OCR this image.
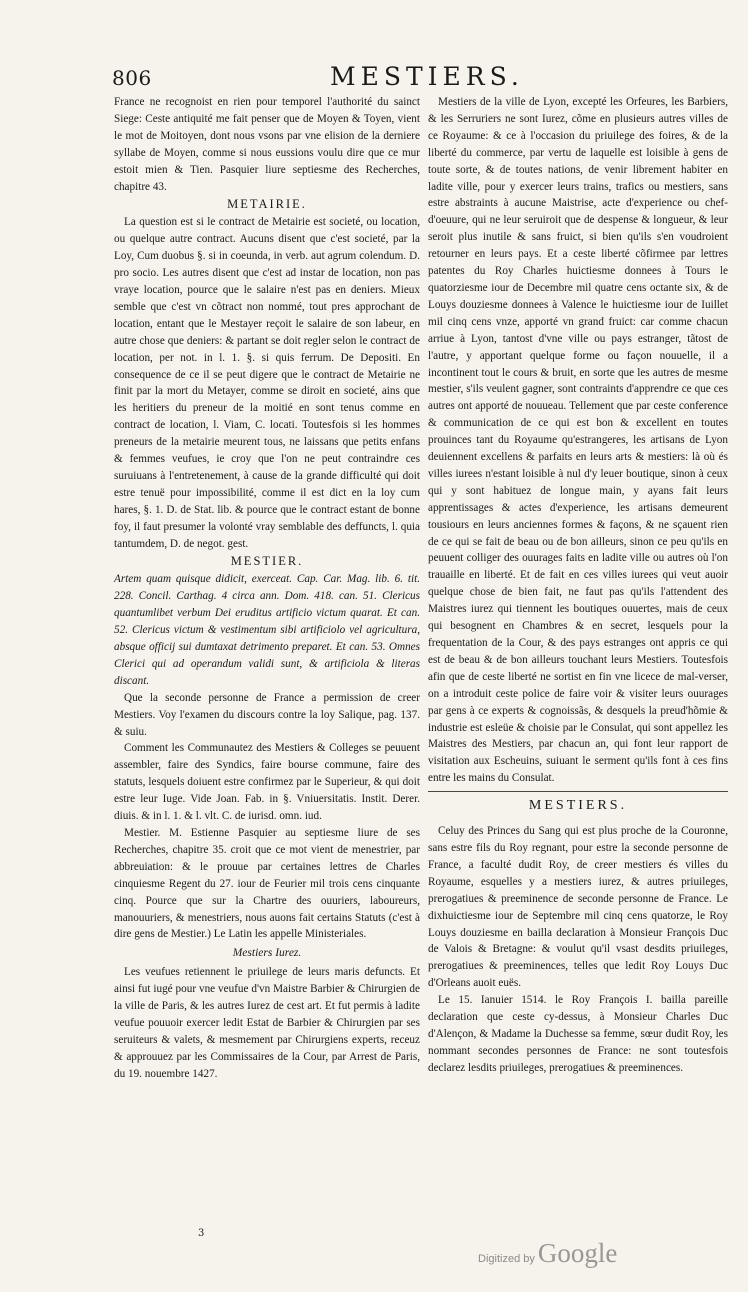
806	MESTIERS.

France ne recognoist en rien pour temporel l'authorité du sainct Siege: Ceste antiquité me fait penser que de Moyen & Toyen, vient le mot de Moitoyen, dont nous vsons par vne elision de la derniere syllabe de Moyen, comme si nous eussions voulu dire que ce mur estoit mien & Tien. Pasquier liure septiesme des Recherches, chapitre 43.

METAIRIE.

La question est si le contract de Metairie est societé, ou location, ou quelque autre contract. Aucuns disent que c'est societé, par la Loy, Cum duobus §. si in coeunda, in verb. aut agrum colendum. D. pro socio. Les autres disent que c'est ad instar de location, non pas vraye location, pource que le salaire n'est pas en deniers. Mieux semble que c'est vn cõtract non nommé, tout pres approchant de location, entant que le Mestayer reçoit le salaire de son labeur, en autre chose que deniers: & partant se doit regler selon le contract de location, per not. in l. 1. §. si quis ferrum. De Depositi. En consequence de ce il se peut digere que le contract de Metairie ne finit par la mort du Metayer, comme se diroit en societé, ains que les heritiers du preneur de la moitié en sont tenus comme en contract de location, l. Viam, C. locati. Toutesfois si les hommes preneurs de la metairie meurent tous, ne laissans que petits enfans & femmes veufues, ie croy que l'on ne peut contraindre ces suruiuans à l'entretenement, à cause de la grande difficulté qui doit estre tenuë pour impossibilité, comme il est dict en la loy cum hares, §. 1. D. de Stat. lib. & pource que le contract estant de bonne foy, il faut presumer la volonté vray semblable des deffuncts, l. quia tantumdem, D. de negot. gest.

MESTIER.

Artem quam quisque didicit, exerceat. Cap. Car. Mag. lib. 6. tit. 228. Concil. Carthag. 4 circa ann. Dom. 418. can. 51. Clericus quantumlibet verbum Dei eruditus artificio victum quarat. Et can. 52. Clericus victum & vestimentum sibi artificiolo vel agricultura, absque officij sui dumtaxat detrimento preparet. Et can. 53. Omnes Clerici qui ad operandum validi sunt, & artificiola & literas discant.

Que la seconde personne de France a permission de creer Mestiers. Voy l'examen du discours contre la loy Salique, pag. 137. & suiu.

Comment les Communautez des Mestiers & Colleges se peuuent assembler, faire des Syndics, faire bourse commune, faire des statuts, lesquels doiuent estre confirmez par le Superieur, & qui doit estre leur Iuge. Vide Joan. Fab. in §. Vniuersitatis. Instit. Derer. diuis. & in l. 1. & l. vlt. C. de iurisd. omn. iud.

Mestier. M. Estienne Pasquier au septiesme liure de ses Recherches, chapitre 35. croit que ce mot vient de menestrier, par abbreuiation: & le prouue par certaines lettres de Charles cinquiesme Regent du 27. iour de Feurier mil trois cens cinquante cinq. Pource que sur la Chartre des ouuriers, laboureurs, manouuriers, & menestriers, nous auons fait certains Statuts (c'est à dire gens de Mestier.) Le Latin les appelle Ministeriales.

Mestiers Iurez.

Les veufues retiennent le priuilege de leurs maris defuncts. Et ainsi fut iugé pour vne veufue d'vn Maistre Barbier & Chirurgien de la ville de Paris, & les autres Iurez de cest art. Et fut permis à ladite veufue pouuoir exercer ledit Estat de Barbier & Chirurgien par ses seruiteurs & valets, & mesmement par Chirurgiens experts, receuz & approuuez par les Commissaires de la Cour, par Arrest de Paris, du 19. nouembre 1427.

Mestiers de la ville de Lyon, excepté les Orfeures, les Barbiers, & les Serruriers ne sont Iurez, cõme en plusieurs autres villes de ce Royaume: & ce à l'occasion du priuilege des foires, & de la liberté du commerce, par vertu de laquelle est loisible à gens de toute sorte, & de toutes nations, de venir librement habiter en ladite ville, pour y exercer leurs trains, trafics ou mestiers, sans estre abstraints à aucune Maistrise, acte d'experience ou chef-d'oeuure, qui ne leur seruiroit que de despense & longueur, & leur seroit plus inutile & sans fruict, si bien qu'ils s'en voudroient retourner en leurs pays. Et a ceste liberté cõfirmee par lettres patentes du Roy Charles huictiesme donnees à Tours le quatorziesme iour de Decembre mil quatre cens octante six, & de Louys douziesme donnees à Valence le huictiesme iour de Iuillet mil cinq cens vnze, apporté vn grand fruict: car comme chacun arriue à Lyon, tantost d'vne ville ou pays estranger, tãtost de l'autre, y apportant quelque forme ou façon nouuelle, il a incontinent tout le cours & bruit, en sorte que les autres de mesme mestier, s'ils veulent gagner, sont contraints d'apprendre ce que ces autres ont apporté de nouueau. Tellement que par ceste conference & communication de ce qui est bon & excellent en toutes prouinces tant du Royaume qu'estrangeres, les artisans de Lyon deuiennent excellens & parfaits en leurs arts & mestiers: là où és villes iurees n'estant loisible à nul d'y leuer boutique, sinon à ceux qui y sont habituez de longue main, y ayans fait leurs apprentissages & actes d'experience, les artisans demeurent tousiours en leurs anciennes formes & façons, & ne sçauent rien de ce qui se fait de beau ou de bon ailleurs, sinon ce peu qu'ils en peuuent colliger des ouurages faits en ladite ville ou autres où l'on trauaille en liberté. Et de fait en ces villes iurees qui veut auoir quelque chose de bien fait, ne faut pas qu'ils l'attendent des Maistres iurez qui tiennent les boutiques ouuertes, mais de ceux qui besognent en Chambres & en secret, lesquels pour la frequentation de la Cour, & des pays estranges ont appris ce qui est de beau & de bon ailleurs touchant leurs Mestiers. Toutesfois afin que de ceste liberté ne sortist en fin vne licece de mal-verser, on a introduit ceste police de faire voir & visiter leurs ouurages par gens à ce experts & cognoissãs, & desquels la preud'hõmie & industrie est esleüe & choisie par le Consulat, qui sont appellez les Maistres des Mestiers, par chacun an, qui font leur rapport de visitation aux Escheuins, suiuant le serment qu'ils font à ces fins entre les mains du Consulat.

MESTIERS.

Celuy des Princes du Sang qui est plus proche de la Couronne, sans estre fils du Roy regnant, pour estre la seconde personne de France, a faculté dudit Roy, de creer mestiers és villes du Royaume, esquelles y a mestiers iurez, & autres priuileges, prerogatiues & preeminence de seconde personne de France. Le dixhuictiesme iour de Septembre mil cinq cens quatorze, le Roy Louys douziesme en bailla declaration à Monsieur François Duc de Valois & Bretagne: & voulut qu'il vsast desdits priuileges, prerogatiues & preeminences, telles que ledit Roy Louys Duc d'Orleans auoit euës.

Le 15. Ianuier 1514. le Roy François I. bailla pareille declaration que ceste cy-dessus, à Monsieur Charles Duc d'Alençon, & Madame la Duchesse sa femme, sœur dudit Roy, les nommant secondes personnes de France: ne sont toutesfois declarez lesdits priuileges, prerogatiues & preeminences.

3
Digitized by Google
